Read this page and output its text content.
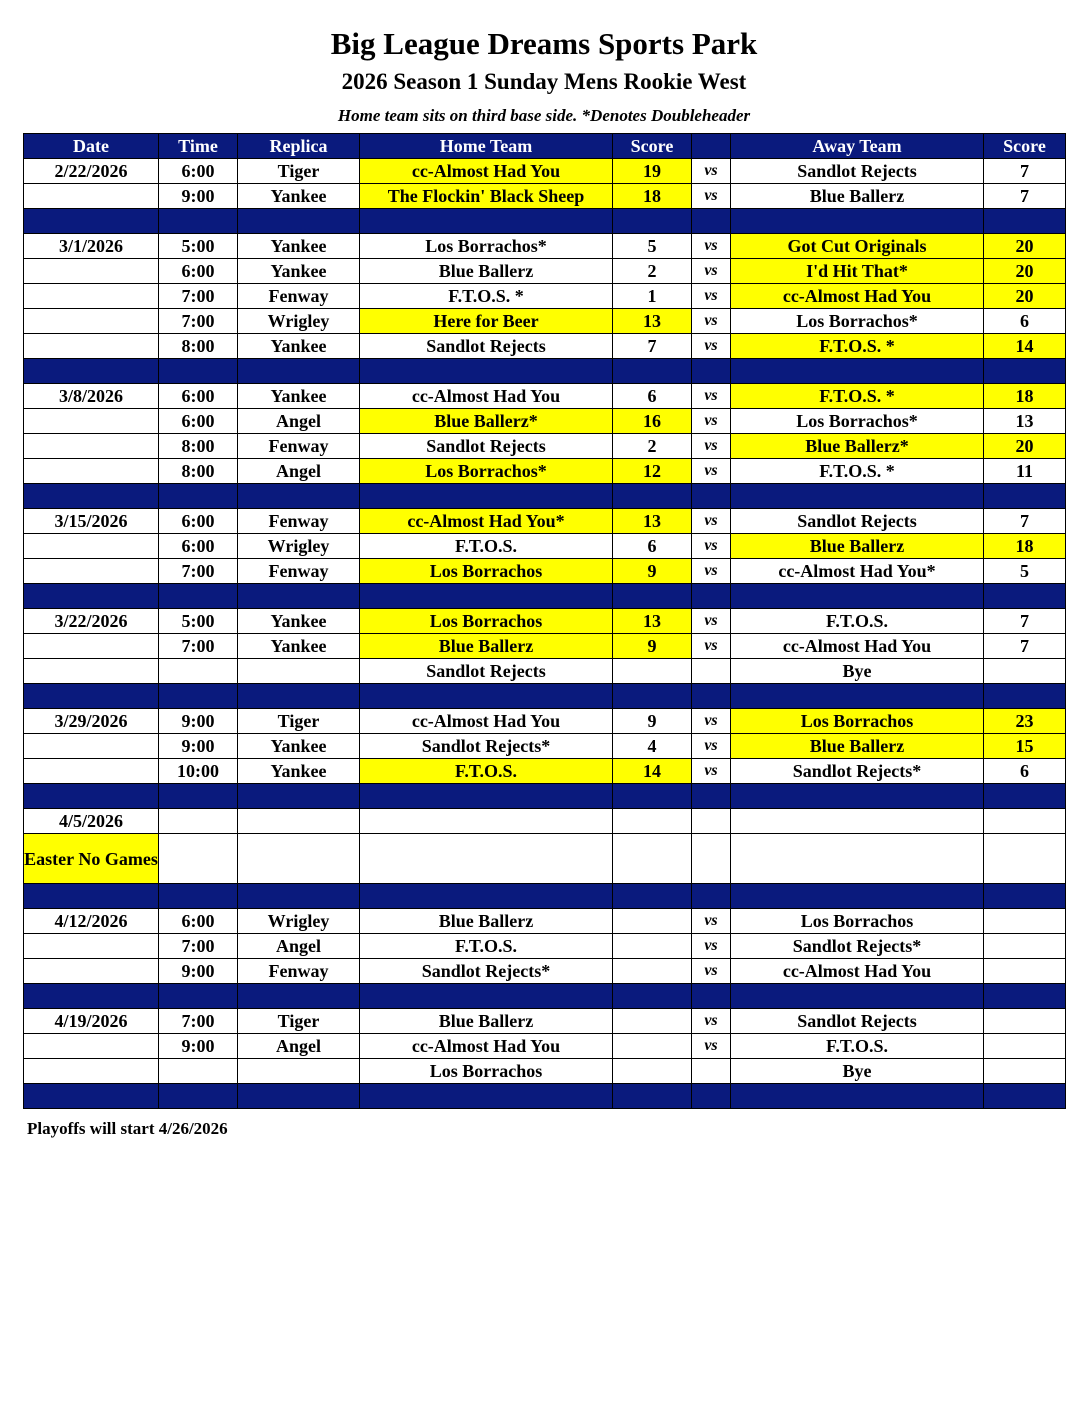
Big League Dreams Sports Park
2026 Season 1 Sunday Mens Rookie West
Home team sits on third base side. *Denotes Doubleheader
Date	Time	Replica	Home Team	Score		Away Team	Score
2/22/2026	6:00	Tiger	cc-Almost Had You	19	vs	Sandlot Rejects	7
	9:00	Yankee	The Flockin' Black Sheep	18	vs	Blue Ballerz	7

3/1/2026	5:00	Yankee	Los Borrachos*	5	vs	Got Cut Originals	20
	6:00	Yankee	Blue Ballerz	2	vs	I'd Hit That*	20
	7:00	Fenway	F.T.O.S. *	1	vs	cc-Almost Had You	20
	7:00	Wrigley	Here for Beer	13	vs	Los Borrachos*	6
	8:00	Yankee	Sandlot Rejects	7	vs	F.T.O.S. *	14

3/8/2026	6:00	Yankee	cc-Almost Had You	6	vs	F.T.O.S. *	18
	6:00	Angel	Blue Ballerz*	16	vs	Los Borrachos*	13
	8:00	Fenway	Sandlot Rejects	2	vs	Blue Ballerz*	20
	8:00	Angel	Los Borrachos*	12	vs	F.T.O.S. *	11

3/15/2026	6:00	Fenway	cc-Almost Had You*	13	vs	Sandlot Rejects	7
	6:00	Wrigley	F.T.O.S.	6	vs	Blue Ballerz	18
	7:00	Fenway	Los Borrachos	9	vs	cc-Almost Had You*	5

3/22/2026	5:00	Yankee	Los Borrachos	13	vs	F.T.O.S.	7
	7:00	Yankee	Blue Ballerz	9	vs	cc-Almost Had You	7
			Sandlot Rejects			Bye	

3/29/2026	9:00	Tiger	cc-Almost Had You	9	vs	Los Borrachos	23
	9:00	Yankee	Sandlot Rejects*	4	vs	Blue Ballerz	15
	10:00	Yankee	F.T.O.S.	14	vs	Sandlot Rejects*	6

4/5/2026							
Easter No Games							

4/12/2026	6:00	Wrigley	Blue Ballerz		vs	Los Borrachos	
	7:00	Angel	F.T.O.S.		vs	Sandlot Rejects*	
	9:00	Fenway	Sandlot Rejects*		vs	cc-Almost Had You	

4/19/2026	7:00	Tiger	Blue Ballerz		vs	Sandlot Rejects	
	9:00	Angel	cc-Almost Had You		vs	F.T.O.S.	
			Los Borrachos			Bye	

Playoffs will start 4/26/2026
